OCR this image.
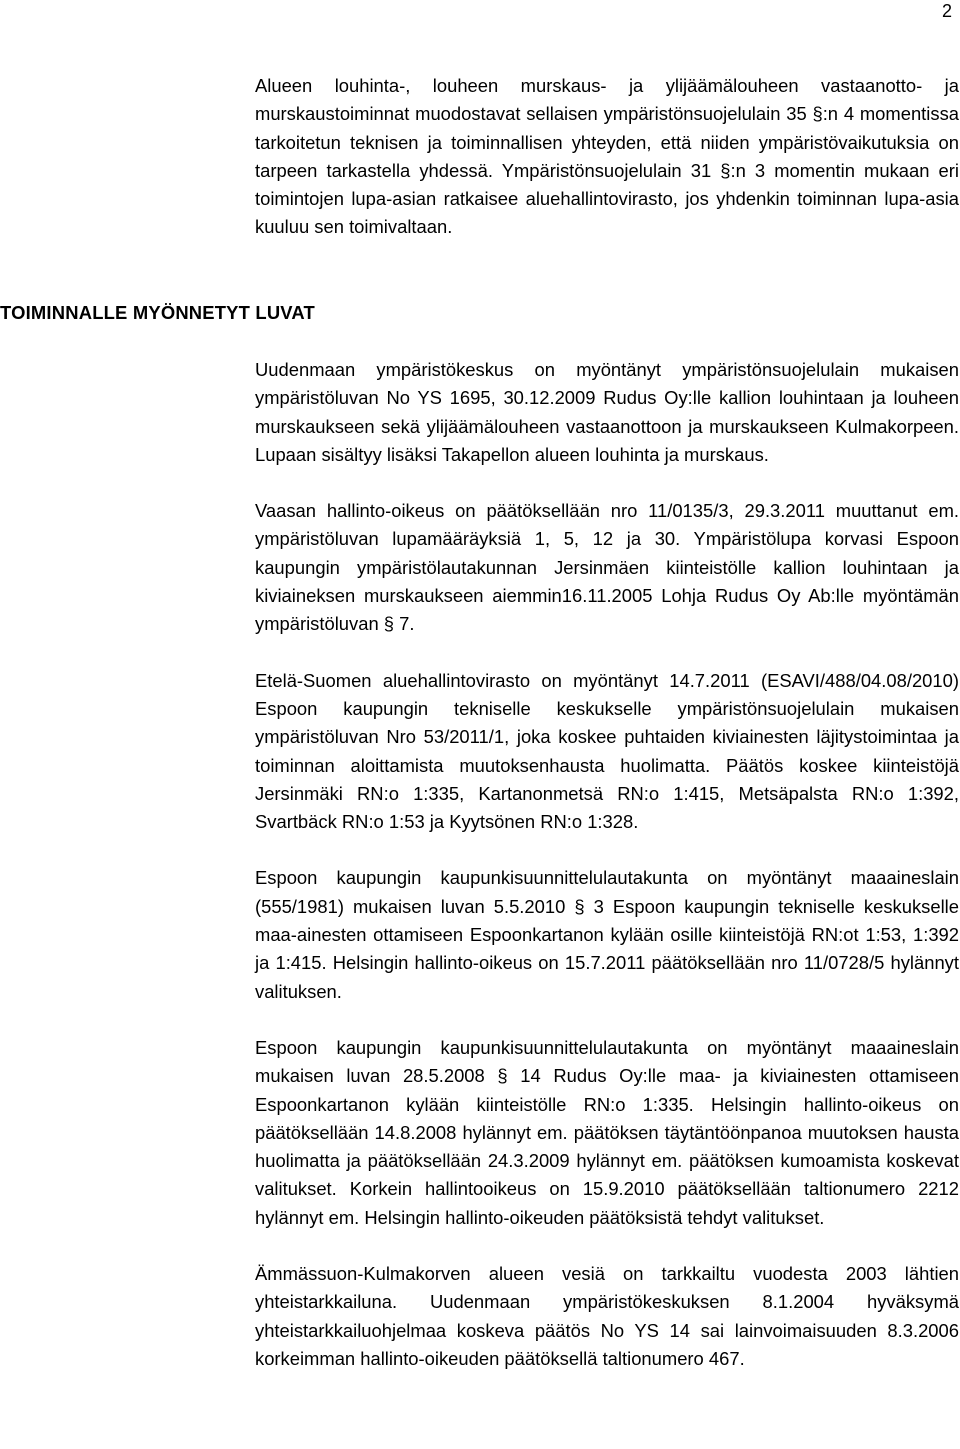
2
Alueen louhinta-, louheen murskaus- ja ylijäämälouheen vastaanotto- ja murskaustoiminnat muodostavat sellaisen ympäristönsuojelulain 35 §:n 4 momentissa tarkoitetun teknisen ja toiminnallisen yhteyden, että niiden ympäristövaikutuksia on tarpeen tarkastella yhdessä. Ympäristönsuojelulain 31 §:n 3 momentin mukaan eri toimintojen lupa-asian ratkaisee aluehallintovirasto, jos yhdenkin toiminnan lupa-asia kuuluu sen toimivaltaan.
TOIMINNALLE MYÖNNETYT LUVAT

Uudenmaan ympäristökeskus on myöntänyt ympäristönsuojelulain mukaisen ympäristöluvan No YS 1695, 30.12.2009 Rudus Oy:lle kallion louhintaan ja louheen murskaukseen sekä ylijäämälouheen vastaanottoon ja murskaukseen Kulmakorpeen. Lupaan sisältyy lisäksi Takapellon alueen louhinta ja murskaus.

Vaasan hallinto-oikeus on päätöksellään nro 11/0135/3, 29.3.2011 muuttanut em. ympäristöluvan lupamääräyksiä 1, 5, 12 ja 30. Ympäristölupa korvasi Espoon kaupungin ympäristölautakunnan Jersinmäen kiinteistölle kallion louhintaan ja kiviaineksen murskaukseen aiemmin16.11.2005 Lohja Rudus Oy Ab:lle myöntämän ympäristöluvan § 7.

Etelä-Suomen aluehallintovirasto on myöntänyt 14.7.2011 (ESAVI/488/04.08/2010) Espoon kaupungin tekniselle keskukselle ympäristönsuojelulain mukaisen ympäristöluvan Nro 53/2011/1, joka koskee puhtaiden kiviainesten läjitystoimintaa ja toiminnan aloittamista muutoksenhausta huolimatta. Päätös koskee kiinteistöjä Jersinmäki RN:o 1:335, Kartanonmetsä RN:o 1:415, Metsäpalsta RN:o 1:392, Svartbäck RN:o 1:53 ja Kyytsönen RN:o 1:328.

Espoon kaupungin kaupunkisuunnittelulautakunta on myöntänyt maaaineslain (555/1981) mukaisen luvan 5.5.2010 § 3 Espoon kaupungin tekniselle keskukselle maa-ainesten ottamiseen Espoonkartanon kylään osille kiinteistöjä RN:ot 1:53, 1:392 ja 1:415. Helsingin hallinto-oikeus on 15.7.2011 päätöksellään nro 11/0728/5 hylännyt valituksen.

Espoon kaupungin kaupunkisuunnittelulautakunta on myöntänyt maaaineslain mukaisen luvan 28.5.2008 § 14 Rudus Oy:lle maa- ja kiviainesten ottamiseen Espoonkartanon kylään kiinteistölle RN:o 1:335. Helsingin hallinto-oikeus on päätöksellään 14.8.2008 hylännyt em. päätöksen täytäntöönpanoa muutoksen hausta huolimatta ja päätöksellään 24.3.2009 hylännyt em. päätöksen kumoamista koskevat valitukset. Korkein hallintooikeus on 15.9.2010 päätöksellään taltionumero 2212 hylännyt em. Helsingin hallinto-oikeuden päätöksistä tehdyt valitukset.

Ämmässuon-Kulmakorven alueen vesiä on tarkkailtu vuodesta 2003 lähtien yhteistarkkailuna. Uudenmaan ympäristökeskuksen 8.1.2004 hyväksymä yhteistarkkailuohjelmaa koskeva päätös No YS 14 sai lainvoimaisuuden 8.3.2006 korkeimman hallinto-oikeuden päätöksellä taltionumero 467.
